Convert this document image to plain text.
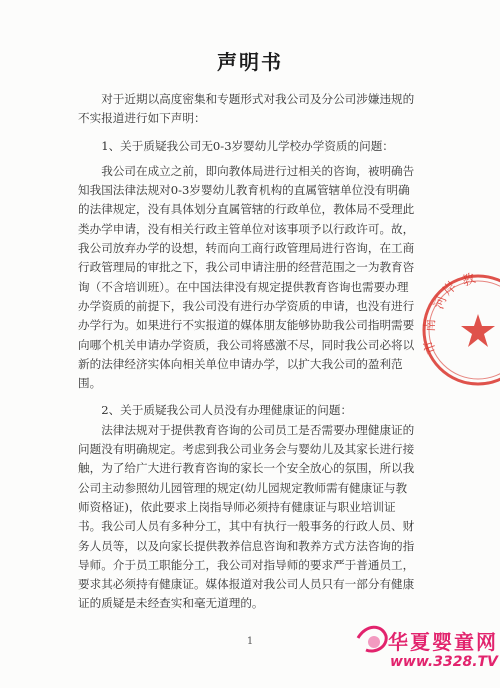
声明书

对于近期以高度密集和专题形式对我公司及分公司涉嫌违规的不实报道进行如下声明：

1、关于质疑我公司无0-3岁婴幼儿学校办学资质的问题：

我公司在成立之前，即向教体局进行过相关的咨询，被明确告知我国法律法规对0-3岁婴幼儿教育机构的直属管辖单位没有明确的法律规定，没有具体划分直属管辖的行政单位，教体局不受理此类办学申请，没有相关行政主管单位对该事项予以行政许可。故，我公司放弃办学的设想，转而向工商行政管理局进行咨询，在工商行政管理局的审批之下，我公司申请注册的经营范围之一为教育咨询（不含培训班）。在中国法律没有规定提供教育咨询也需要办理办学资质的前提下，我公司没有进行办学资质的申请，也没有进行办学行为。如果进行不实报道的媒体朋友能够协助我公司指明需要向哪个机关申请办学资质，我公司将感激不尽，同时我公司必将以新的法律经济实体向相关单位申请办学，以扩大我公司的盈利范围。

2、关于质疑我公司人员没有办理健康证的问题：

法律法规对于提供教育咨询的公司员工是否需要办理健康证的问题没有明确规定。考虑到我公司业务会与婴幼儿及其家长进行接触，为了给广大进行教育咨询的家长一个安全放心的氛围，所以我公司主动参照幼儿园管理的规定(幼儿园规定教师需有健康证与教师资格证)，依此要求上岗指导师必须持有健康证与职业培训证书。我公司人员有多种分工，其中有执行一般事务的行政人员、财务人员等，以及向家长提供教养信息咨询和教养方式方法咨询的指导师。介于员工职能分工，我公司对指导师的要求严于普通员工，要求其必须持有健康证。媒体报道对我公司人员只有一部分有健康证的质疑是未经查实和毫无道理的。

1
河
南
市
岸 教
华夏婴童网
www.3328.TV
